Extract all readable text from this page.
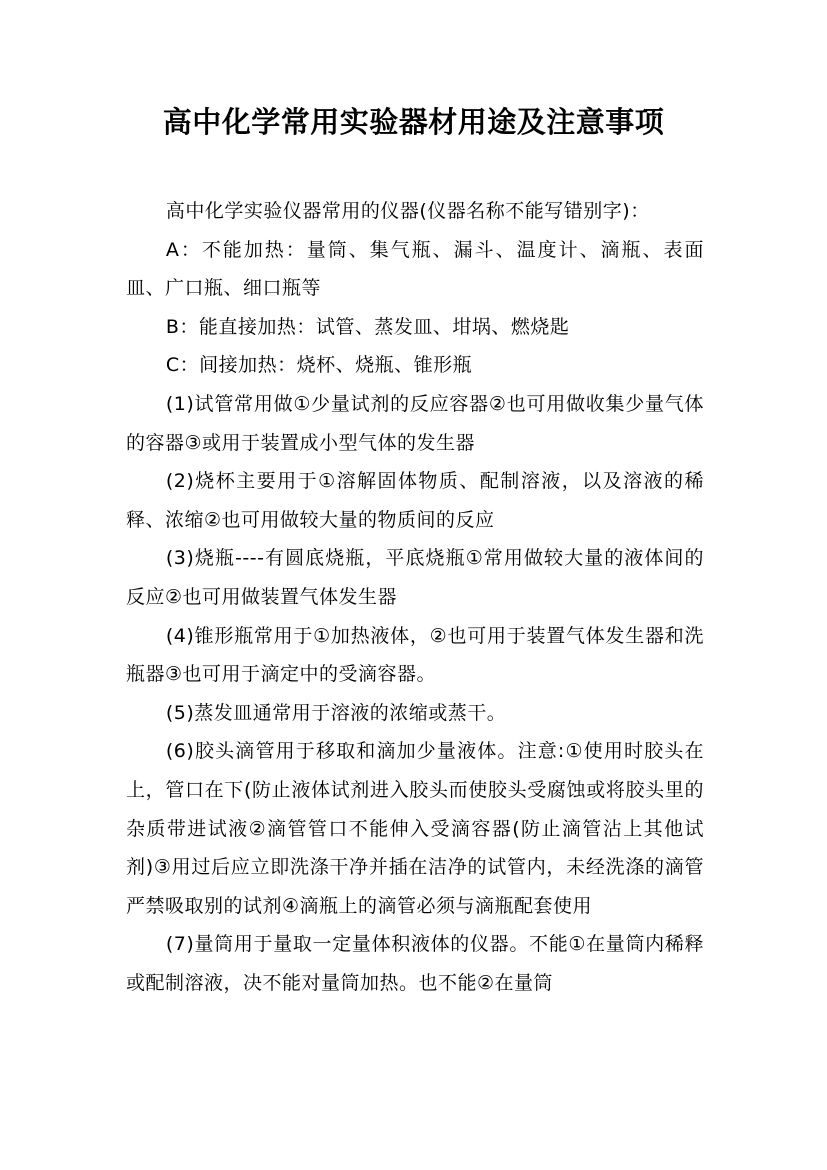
高中化学常用实验器材用途及注意事项

高中化学实验仪器常用的仪器(仪器名称不能写错别字)：

A：不能加热：量筒、集气瓶、漏斗、温度计、滴瓶、表面皿、广口瓶、细口瓶等

B：能直接加热：试管、蒸发皿、坩埚、燃烧匙

C：间接加热：烧杯、烧瓶、锥形瓶

(1)试管常用做①少量试剂的反应容器②也可用做收集少量气体的容器③或用于装置成小型气体的发生器

(2)烧杯主要用于①溶解固体物质、配制溶液，以及溶液的稀释、浓缩②也可用做较大量的物质间的反应

(3)烧瓶----有圆底烧瓶，平底烧瓶①常用做较大量的液体间的反应②也可用做装置气体发生器

(4)锥形瓶常用于①加热液体，②也可用于装置气体发生器和洗瓶器③也可用于滴定中的受滴容器。

(5)蒸发皿通常用于溶液的浓缩或蒸干。

(6)胶头滴管用于移取和滴加少量液体。注意:①使用时胶头在上，管口在下(防止液体试剂进入胶头而使胶头受腐蚀或将胶头里的杂质带进试液②滴管管口不能伸入受滴容器(防止滴管沾上其他试剂)③用过后应立即洗涤干净并插在洁净的试管内，未经洗涤的滴管严禁吸取别的试剂④滴瓶上的滴管必须与滴瓶配套使用

(7)量筒用于量取一定量体积液体的仪器。不能①在量筒内稀释或配制溶液，决不能对量筒加热。也不能②在量筒
